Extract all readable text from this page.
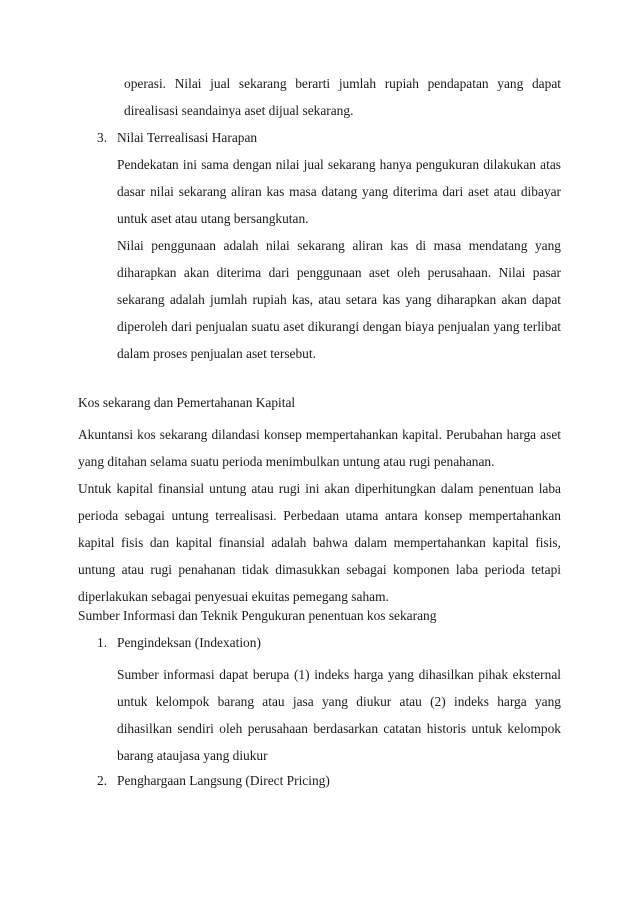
operasi. Nilai jual sekarang berarti jumlah rupiah pendapatan yang dapat direalisasi seandainya aset dijual sekarang.

3. Nilai Terrealisasi Harapan

Pendekatan ini sama dengan nilai jual sekarang hanya pengukuran dilakukan atas dasar nilai sekarang aliran kas masa datang yang diterima dari aset atau dibayar untuk aset atau utang bersangkutan.

Nilai penggunaan adalah nilai sekarang aliran kas di masa mendatang yang diharapkan akan diterima dari penggunaan aset oleh perusahaan. Nilai pasar sekarang adalah jumlah rupiah kas, atau setara kas yang diharapkan akan dapat diperoleh dari penjualan suatu aset dikurangi dengan biaya penjualan yang terlibat dalam proses penjualan aset tersebut.

Kos sekarang dan Pemertahanan Kapital

Akuntansi kos sekarang dilandasi konsep mempertahankan kapital. Perubahan harga aset yang ditahan selama suatu perioda menimbulkan untung atau rugi penahanan.

Untuk kapital finansial untung atau rugi ini akan diperhitungkan dalam penentuan laba perioda sebagai untung terrealisasi. Perbedaan utama antara konsep mempertahankan kapital fisis dan kapital finansial adalah bahwa dalam mempertahankan kapital fisis, untung atau rugi penahanan tidak dimasukkan sebagai komponen laba perioda tetapi diperlakukan sebagai penyesuai ekuitas pemegang saham.

Sumber Informasi dan Teknik Pengukuran penentuan kos sekarang

1. Pengindeksan (Indexation)

Sumber informasi dapat berupa (1) indeks harga yang dihasilkan pihak eksternal untuk kelompok barang atau jasa yang diukur atau (2) indeks harga yang dihasilkan sendiri oleh perusahaan berdasarkan catatan historis untuk kelompok barang ataujasa yang diukur

2. Penghargaan Langsung (Direct Pricing)
